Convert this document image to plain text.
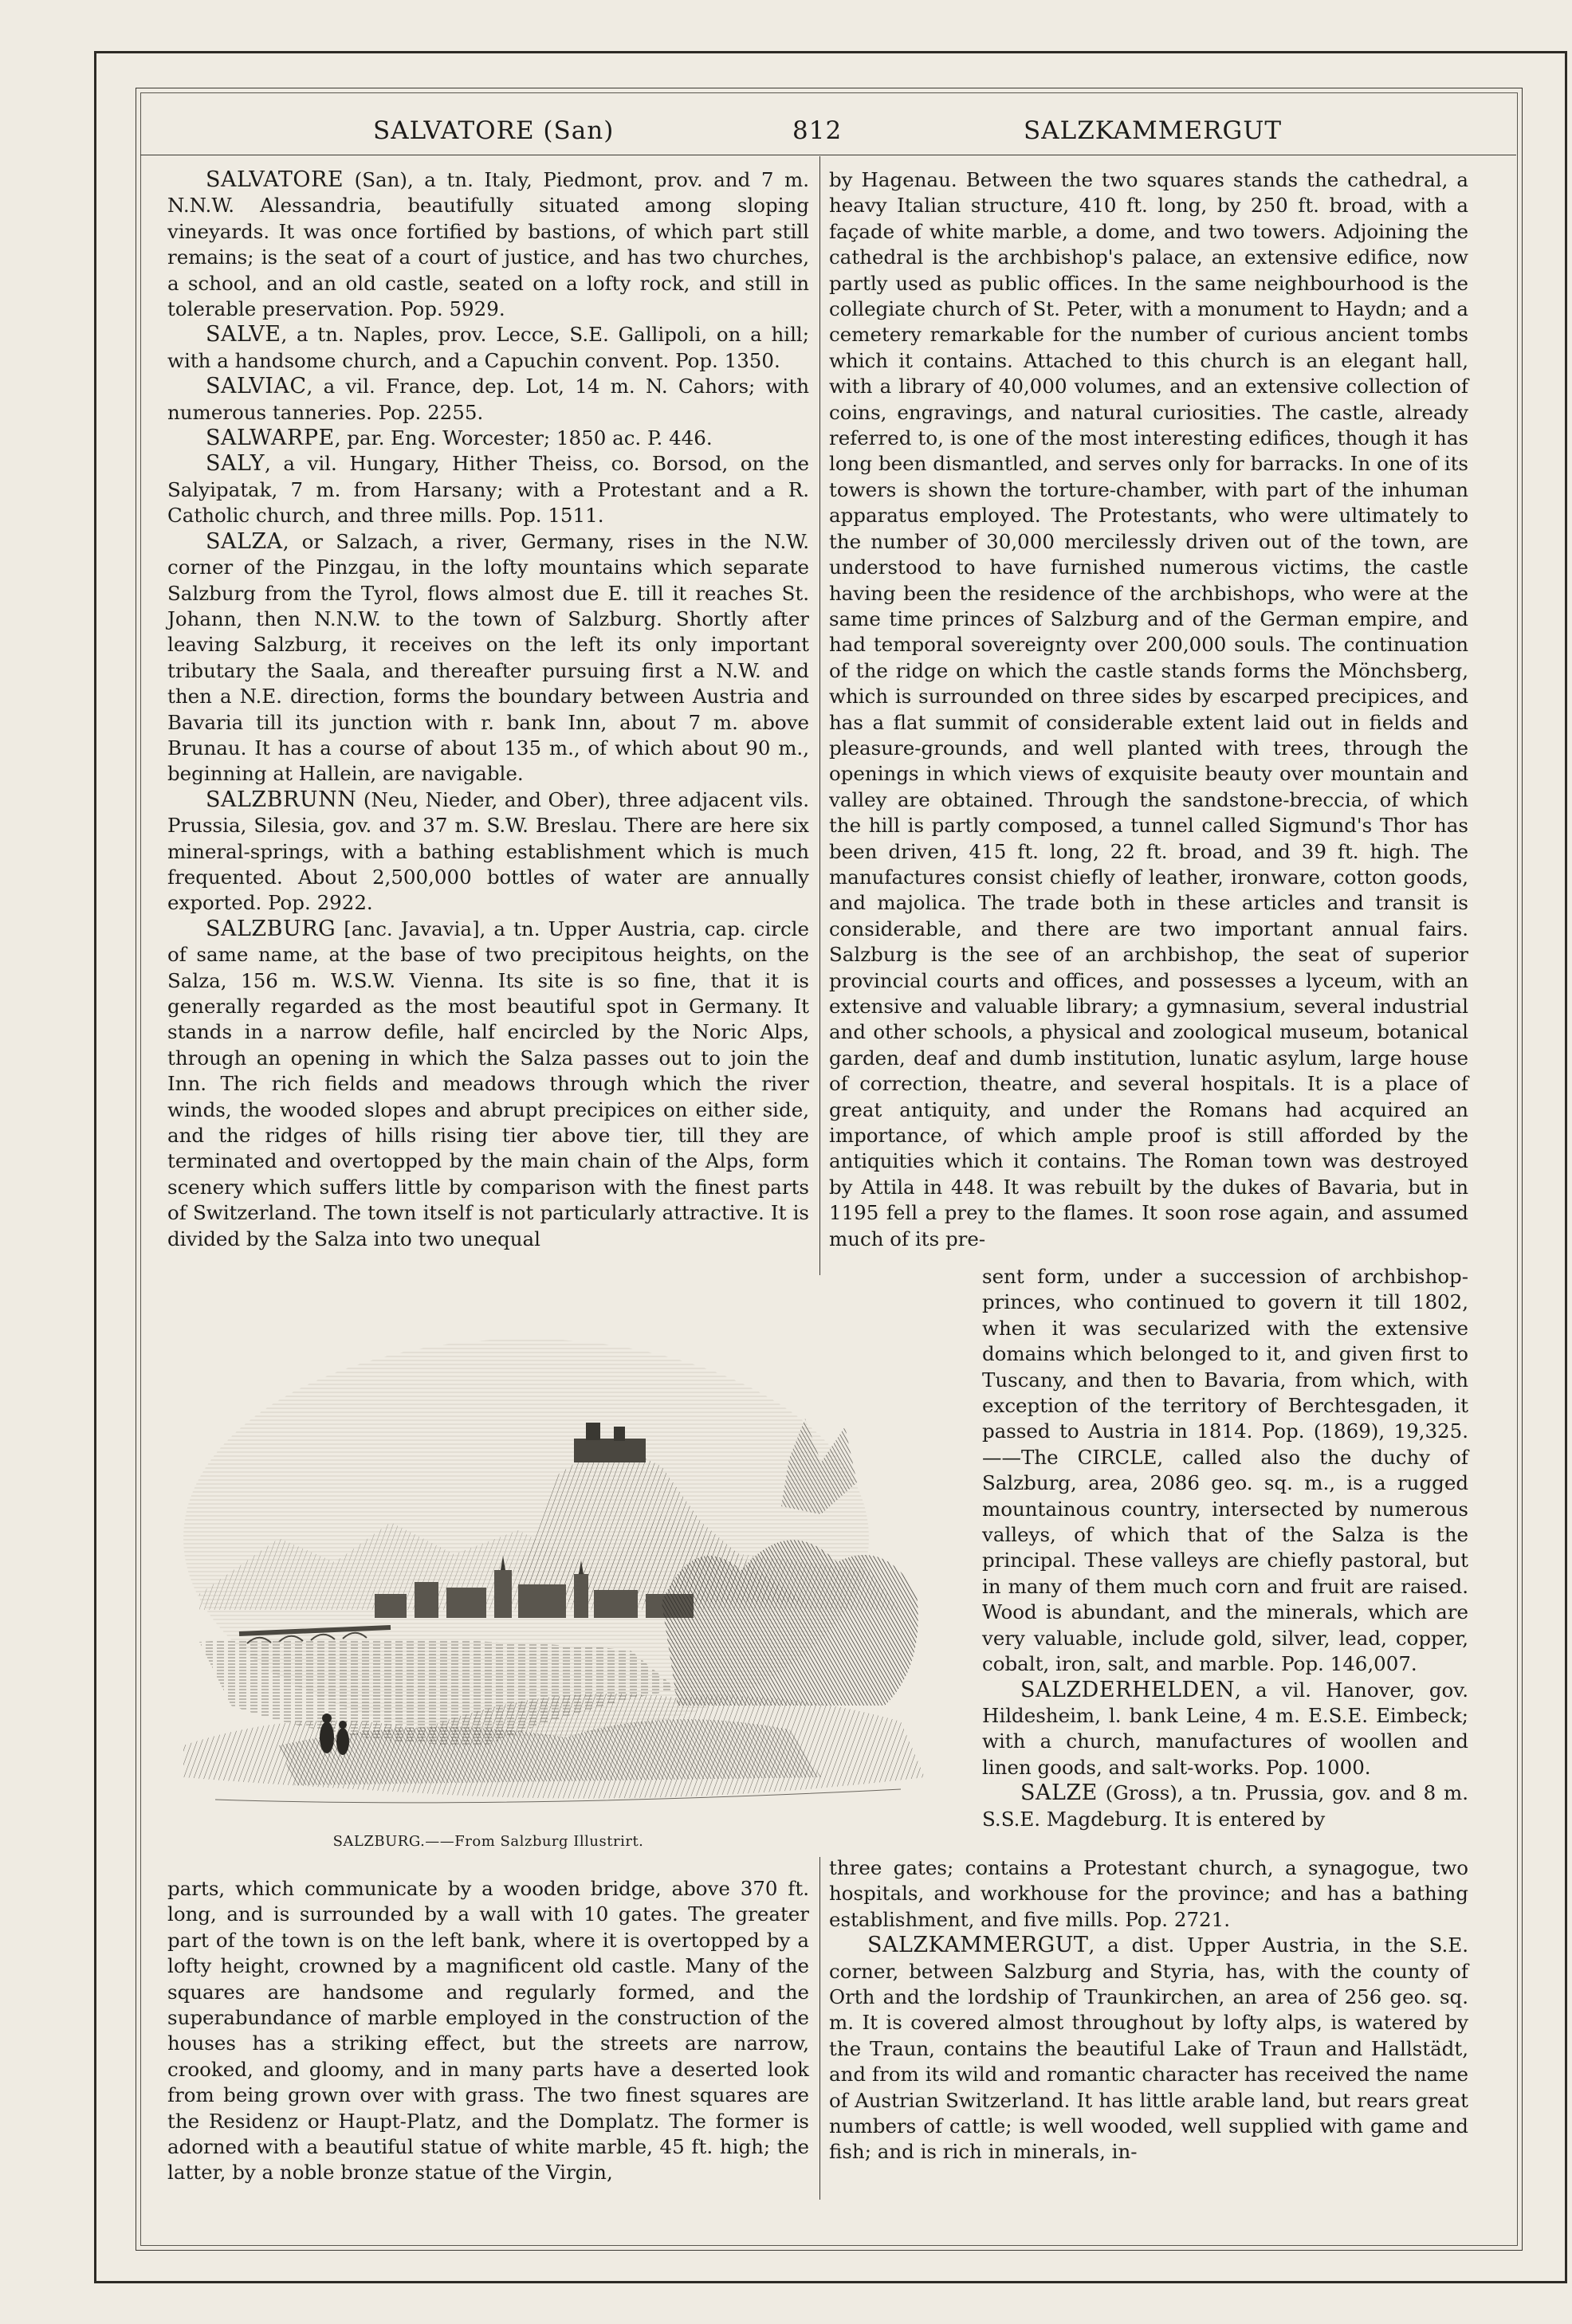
SALVATORE (San)	812	SALZKAMMERGUT

SALVATORE (San), a tn. Italy, Piedmont, prov. and 7 m. N.N.W. Alessandria, beautifully situated among sloping vineyards. It was once fortified by bastions, of which part still remains; is the seat of a court of justice, and has two churches, a school, and an old castle, seated on a lofty rock, and still in tolerable preservation. Pop. 5929.

SALVE, a tn. Naples, prov. Lecce, S.E. Gallipoli, on a hill; with a handsome church, and a Capuchin convent. Pop. 1350.

SALVIAC, a vil. France, dep. Lot, 14 m. N. Cahors; with numerous tanneries. Pop. 2255.

SALWARPE, par. Eng. Worcester; 1850 ac. P. 446.

SALY, a vil. Hungary, Hither Theiss, co. Borsod, on the Salyipatak, 7 m. from Harsany; with a Protestant and a R. Catholic church, and three mills. Pop. 1511.

SALZA, or Salzach, a river, Germany, rises in the N.W. corner of the Pinzgau, in the lofty mountains which separate Salzburg from the Tyrol, flows almost due E. till it reaches St. Johann, then N.N.W. to the town of Salzburg. Shortly after leaving Salzburg, it receives on the left its only important tributary the Saala, and thereafter pursuing first a N.W. and then a N.E. direction, forms the boundary between Austria and Bavaria till its junction with r. bank Inn, about 7 m. above Brunau. It has a course of about 135 m., of which about 90 m., beginning at Hallein, are navigable.

SALZBRUNN (Neu, Nieder, and Ober), three adjacent vils. Prussia, Silesia, gov. and 37 m. S.W. Breslau. There are here six mineral-springs, with a bathing establishment which is much frequented. About 2,500,000 bottles of water are annually exported. Pop. 2922.

SALZBURG [anc. Javavia], a tn. Upper Austria, cap. circle of same name, at the base of two precipitous heights, on the Salza, 156 m. W.S.W. Vienna. Its site is so fine, that it is generally regarded as the most beautiful spot in Germany. It stands in a narrow defile, half encircled by the Noric Alps, through an opening in which the Salza passes out to join the Inn. The rich fields and meadows through which the river winds, the wooded slopes and abrupt precipices on either side, and the ridges of hills rising tier above tier, till they are terminated and overtopped by the main chain of the Alps, form scenery which suffers little by comparison with the finest parts of Switzerland. The town itself is not particularly attractive. It is divided by the Salza into two unequal

by Hagenau. Between the two squares stands the cathedral, a heavy Italian structure, 410 ft. long, by 250 ft. broad, with a façade of white marble, a dome, and two towers. Adjoining the cathedral is the archbishop's palace, an extensive edifice, now partly used as public offices. In the same neighbourhood is the collegiate church of St. Peter, with a monument to Haydn; and a cemetery remarkable for the number of curious ancient tombs which it contains. Attached to this church is an elegant hall, with a library of 40,000 volumes, and an extensive collection of coins, engravings, and natural curiosities. The castle, already referred to, is one of the most interesting edifices, though it has long been dismantled, and serves only for barracks. In one of its towers is shown the torture-chamber, with part of the inhuman apparatus employed. The Protestants, who were ultimately to the number of 30,000 mercilessly driven out of the town, are understood to have furnished numerous victims, the castle having been the residence of the archbishops, who were at the same time princes of Salzburg and of the German empire, and had temporal sovereignty over 200,000 souls. The continuation of the ridge on which the castle stands forms the Mönchsberg, which is surrounded on three sides by escarped precipices, and has a flat summit of considerable extent laid out in fields and pleasure-grounds, and well planted with trees, through the openings in which views of exquisite beauty over mountain and valley are obtained. Through the sandstone-breccia, of which the hill is partly composed, a tunnel called Sigmund's Thor has been driven, 415 ft. long, 22 ft. broad, and 39 ft. high. The manufactures consist chiefly of leather, ironware, cotton goods, and majolica. The trade both in these articles and transit is considerable, and there are two important annual fairs. Salzburg is the see of an archbishop, the seat of superior provincial courts and offices, and possesses a lyceum, with an extensive and valuable library; a gymnasium, several industrial and other schools, a physical and zoological museum, botanical garden, deaf and dumb institution, lunatic asylum, large house of correction, theatre, and several hospitals. It is a place of great antiquity, and under the Romans had acquired an importance, of which ample proof is still afforded by the antiquities which it contains. The Roman town was destroyed by Attila in 448. It was rebuilt by the dukes of Bavaria, but in 1195 fell a prey to the flames. It soon rose again, and assumed much of its pre-

sent form, under a succession of archbishop-princes, who continued to govern it till 1802, when it was secularized with the extensive domains which belonged to it, and given first to Tuscany, and then to Bavaria, from which, with exception of the territory of Berchtesgaden, it passed to Austria in 1814. Pop. (1869), 19,325.——The CIRCLE, called also the duchy of Salzburg, area, 2086 geo. sq. m., is a rugged mountainous country, intersected by numerous valleys, of which that of the Salza is the principal. These valleys are chiefly pastoral, but in many of them much corn and fruit are raised. Wood is abundant, and the minerals, which are very valuable, include gold, silver, lead, copper, cobalt, iron, salt, and marble. Pop. 146,007.

SALZDERHELDEN, a vil. Hanover, gov. Hildesheim, l. bank Leine, 4 m. E.S.E. Eimbeck; with a church, manufactures of woollen and linen goods, and salt-works. Pop. 1000.

SALZE (Gross), a tn. Prussia, gov. and 8 m. S.S.E. Magdeburg. It is entered by

three gates; contains a Protestant church, a synagogue, two hospitals, and workhouse for the province; and has a bathing establishment, and five mills. Pop. 2721.

SALZKAMMERGUT, a dist. Upper Austria, in the S.E. corner, between Salzburg and Styria, has, with the county of Orth and the lordship of Traunkirchen, an area of 256 geo. sq. m. It is covered almost throughout by lofty alps, is watered by the Traun, contains the beautiful Lake of Traun and Hallstädt, and from its wild and romantic character has received the name of Austrian Switzerland. It has little arable land, but rears great numbers of cattle; is well wooded, well supplied with game and fish; and is rich in minerals, in-

SALZBURG.——From Salzburg Illustrirt.

parts, which communicate by a wooden bridge, above 370 ft. long, and is surrounded by a wall with 10 gates. The greater part of the town is on the left bank, where it is overtopped by a lofty height, crowned by a magnificent old castle. Many of the squares are handsome and regularly formed, and the superabundance of marble employed in the construction of the houses has a striking effect, but the streets are narrow, crooked, and gloomy, and in many parts have a deserted look from being grown over with grass. The two finest squares are the Residenz or Haupt-Platz, and the Domplatz. The former is adorned with a beautiful statue of white marble, 45 ft. high; the latter, by a noble bronze statue of the Virgin,
